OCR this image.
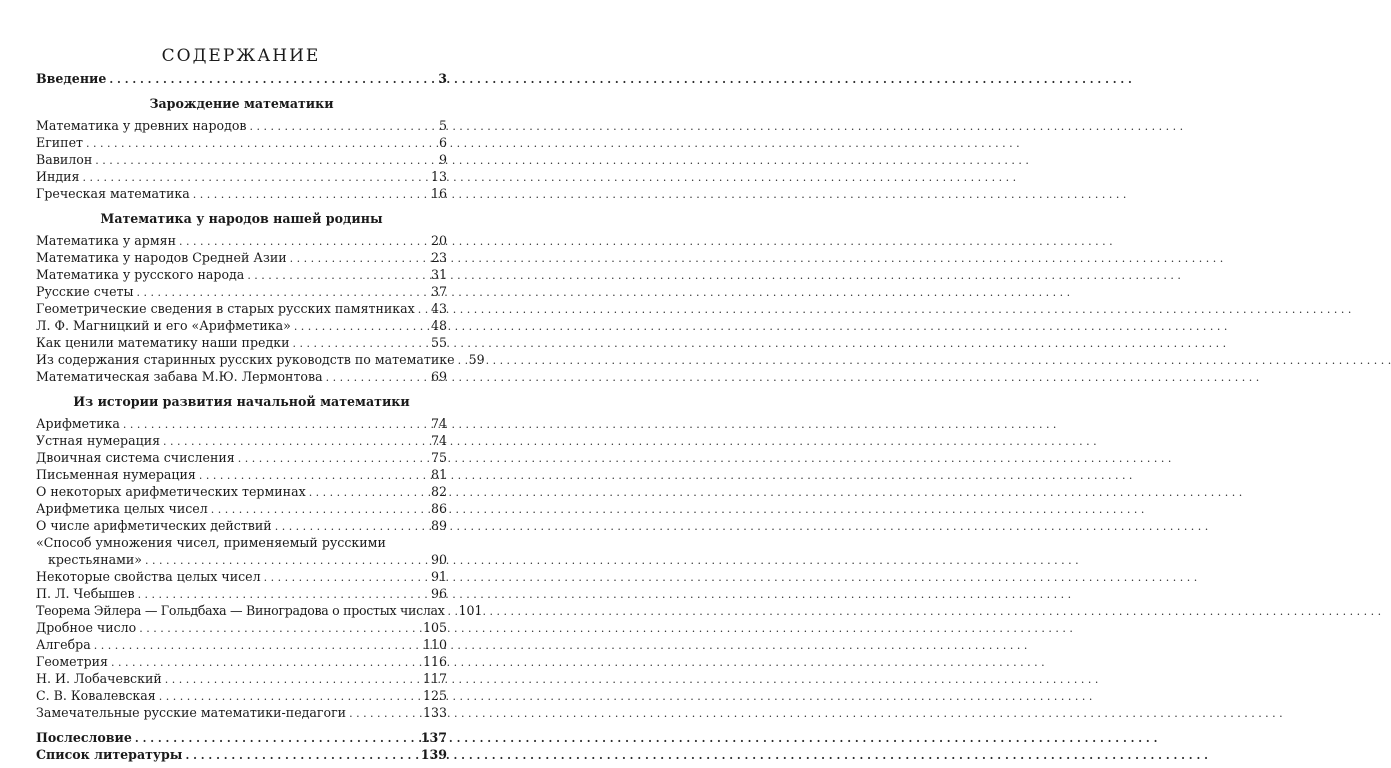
СОДЕРЖАНИЕ
Введение . . .	3
Зарождение математики
Математика у древних народов . . .	5
Египет . . .	6
Вавилон . . .	9
Индия . . .	13
Греческая математика . . .	16
Математика у народов нашей родины
Математика у армян . . .	20
Математика у народов Средней Азии . . .	23
Математика у русского народа . . .	31
Русские счеты . . .	37
Геометрические сведения в старых русских памятниках . . . 43
Л. Ф. Магницкий и его «Арифметика» . . .	48
Как ценили математику наши предки . . .	55
Из содержания старинных русских руководств по математике . . . 59
Математическая забава М.Ю. Лермонтова . . .	69
Из истории развития начальной математики
Арифметика . . .	74
Устная нумерация . . .	74
Двоичная система счисления . . .	75
Письменная нумерация . . .	81
О некоторых арифметических терминах . . .	82
Арифметика целых чисел . . .	86
О числе арифметических действий . . .	89
«Способ умножения чисел, применяемый русскими
крестьянами» . . .	90
Некоторые свойства целых чисел . . .	91
П. Л. Чебышев . . .	96
Теорема Эйлера — Гольдбаха — Виноградова о простых числах . . . 101
Дробное число . . .	105
Алгебра . . .	110
Геометрия . . .	116
Н. И. Лобачевский . . .	117
С. В. Ковалевская . . .	125
Замечательные русские математики-педагоги . . .	133
Послесловие . . .	137
Список литературы . . .	139
